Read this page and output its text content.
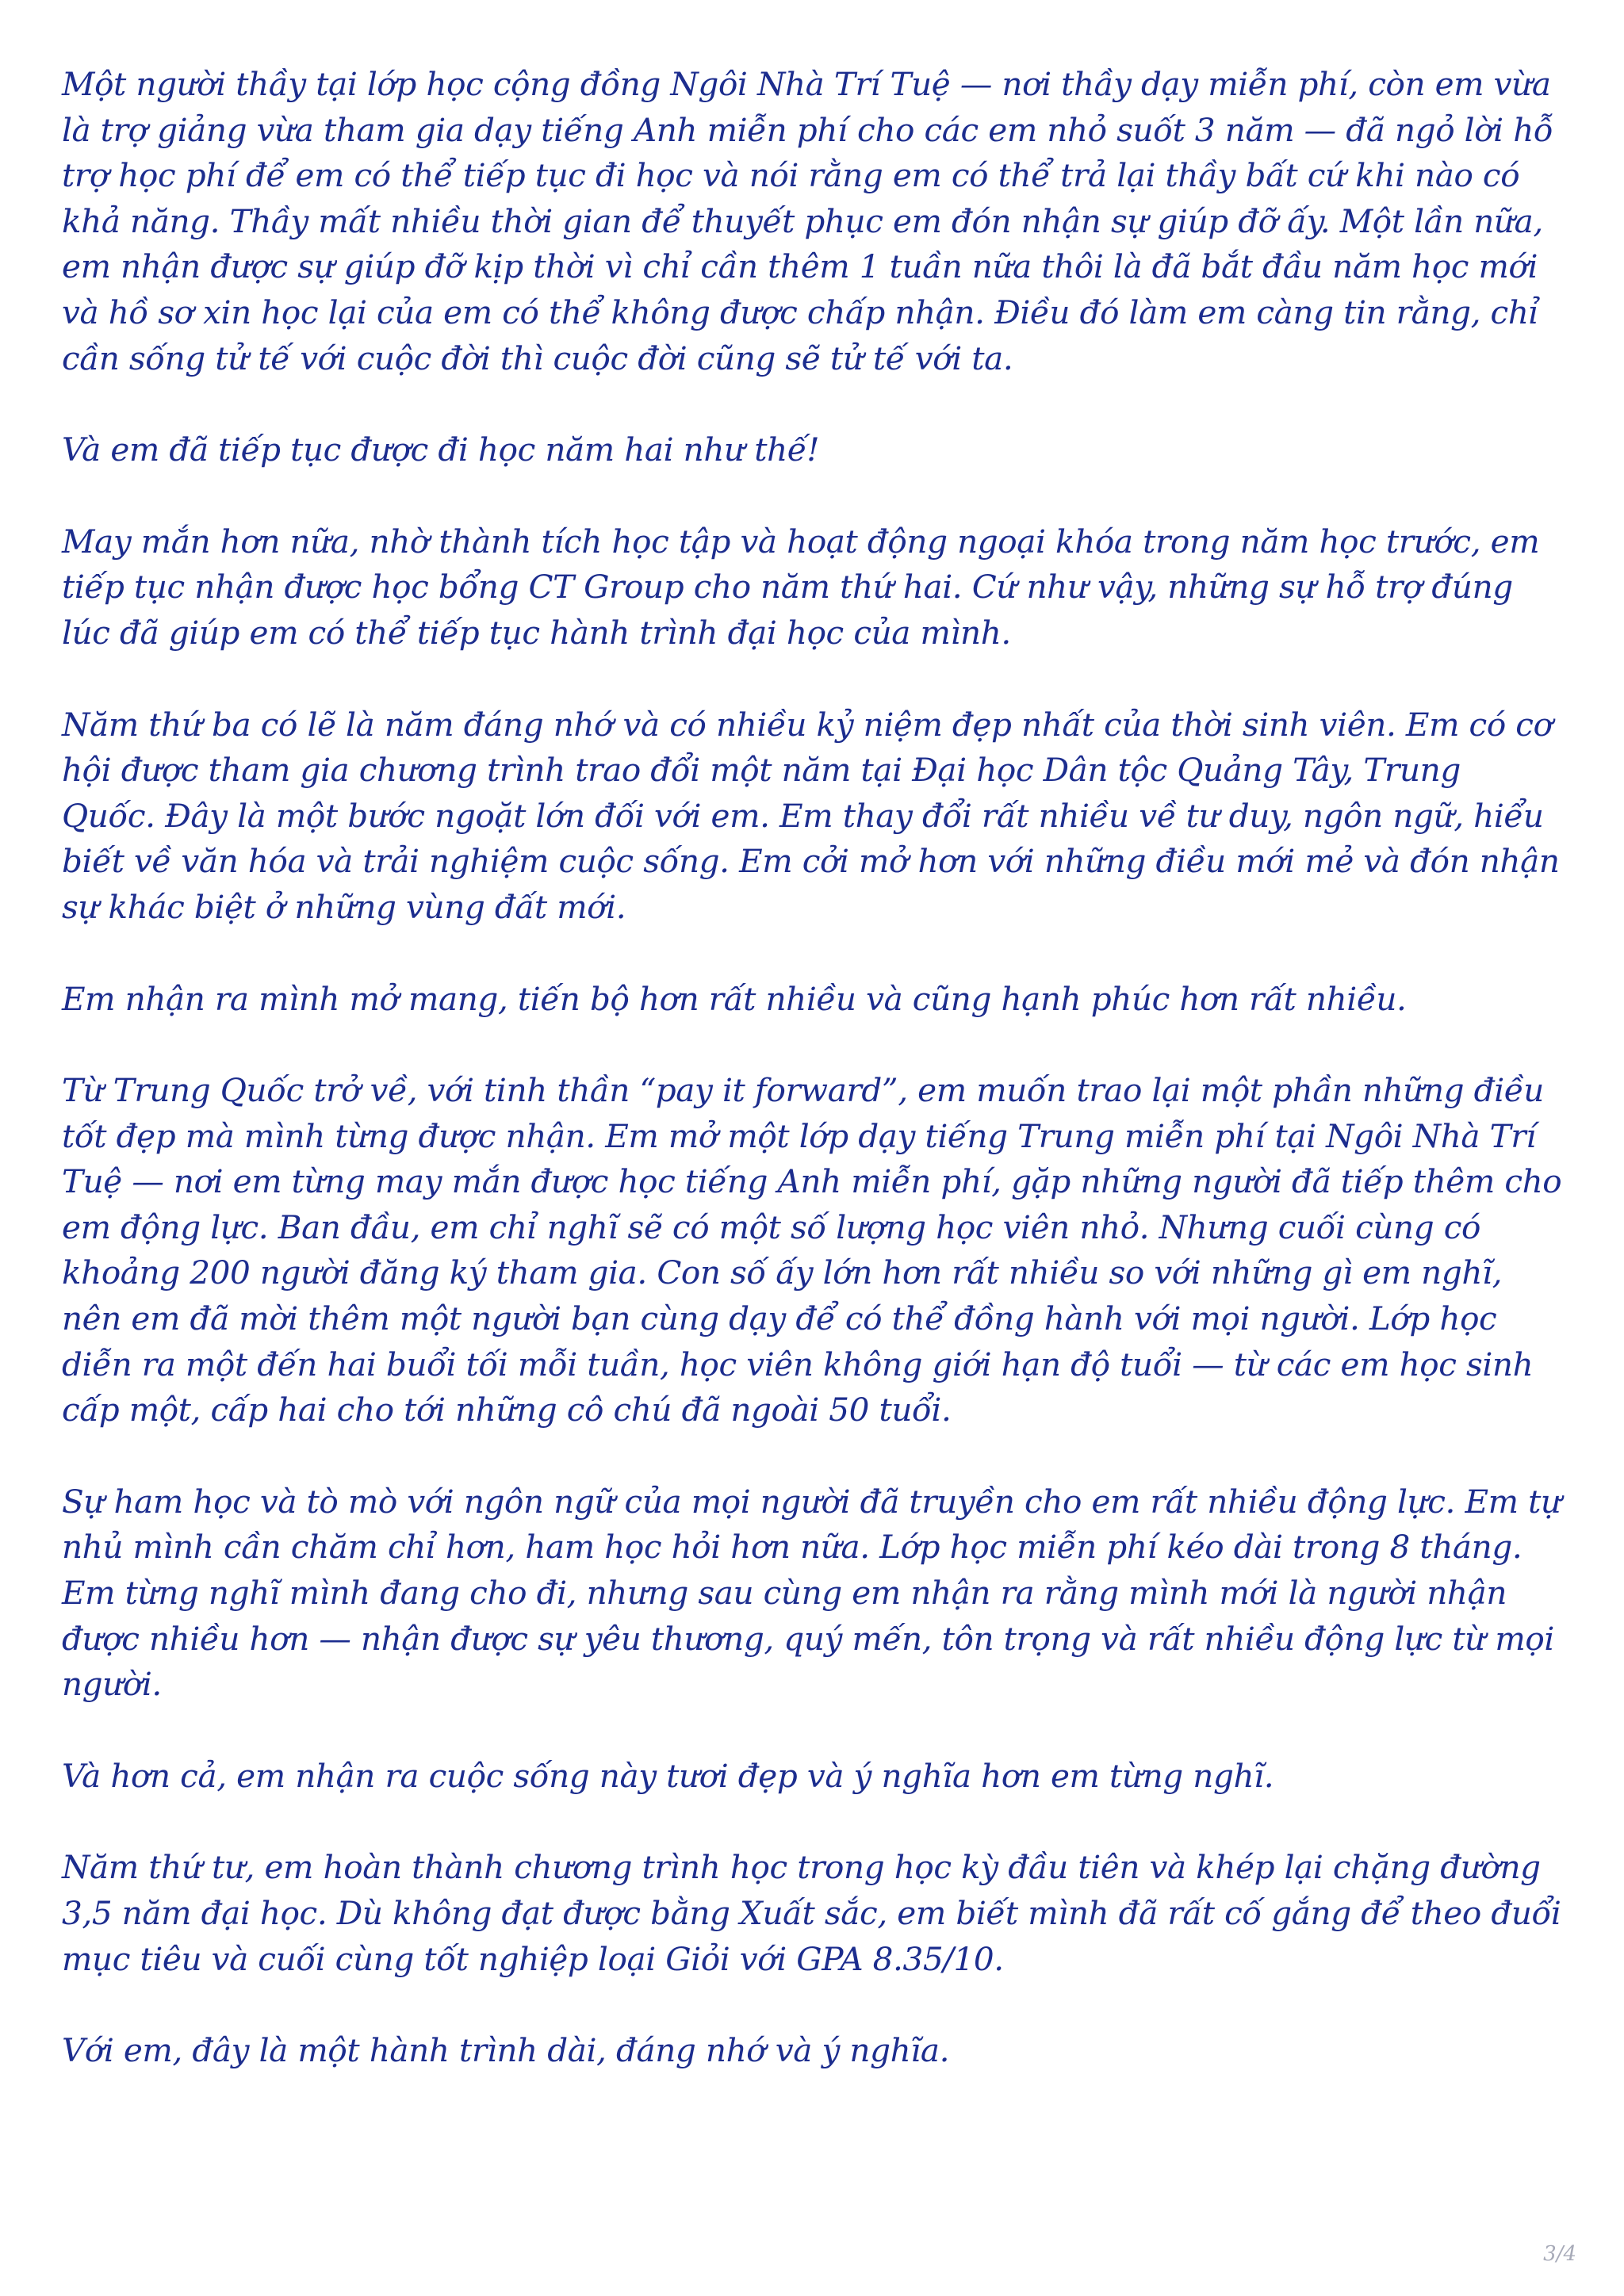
Một người thầy tại lớp học cộng đồng Ngôi Nhà Trí Tuệ — nơi thầy dạy miễn phí, còn em vừa là trợ giảng vừa tham gia dạy tiếng Anh miễn phí cho các em nhỏ suốt 3 năm — đã ngỏ lời hỗ trợ học phí để em có thể tiếp tục đi học và nói rằng em có thể trả lại thầy bất cứ khi nào có khả năng. Thầy mất nhiều thời gian để thuyết phục em đón nhận sự giúp đỡ ấy. Một lần nữa, em nhận được sự giúp đỡ kịp thời vì chỉ cần thêm 1 tuần nữa thôi là đã bắt đầu năm học mới và hồ sơ xin học lại của em có thể không được chấp nhận. Điều đó làm em càng tin rằng, chỉ cần sống tử tế với cuộc đời thì cuộc đời cũng sẽ tử tế với ta.

Và em đã tiếp tục được đi học năm hai như thế!

May mắn hơn nữa, nhờ thành tích học tập và hoạt động ngoại khóa trong năm học trước, em tiếp tục nhận được học bổng CT Group cho năm thứ hai. Cứ như vậy, những sự hỗ trợ đúng lúc đã giúp em có thể tiếp tục hành trình đại học của mình.

Năm thứ ba có lẽ là năm đáng nhớ và có nhiều kỷ niệm đẹp nhất của thời sinh viên. Em có cơ hội được tham gia chương trình trao đổi một năm tại Đại học Dân tộc Quảng Tây, Trung Quốc. Đây là một bước ngoặt lớn đối với em. Em thay đổi rất nhiều về tư duy, ngôn ngữ, hiểu biết về văn hóa và trải nghiệm cuộc sống. Em cởi mở hơn với những điều mới mẻ và đón nhận sự khác biệt ở những vùng đất mới.

Em nhận ra mình mở mang, tiến bộ hơn rất nhiều và cũng hạnh phúc hơn rất nhiều.

Từ Trung Quốc trở về, với tinh thần “pay it forward”, em muốn trao lại một phần những điều tốt đẹp mà mình từng được nhận. Em mở một lớp dạy tiếng Trung miễn phí tại Ngôi Nhà Trí Tuệ — nơi em từng may mắn được học tiếng Anh miễn phí, gặp những người đã tiếp thêm cho em động lực. Ban đầu, em chỉ nghĩ sẽ có một số lượng học viên nhỏ. Nhưng cuối cùng có khoảng 200 người đăng ký tham gia. Con số ấy lớn hơn rất nhiều so với những gì em nghĩ, nên em đã mời thêm một người bạn cùng dạy để có thể đồng hành với mọi người. Lớp học diễn ra một đến hai buổi tối mỗi tuần, học viên không giới hạn độ tuổi — từ các em học sinh cấp một, cấp hai cho tới những cô chú đã ngoài 50 tuổi.

Sự ham học và tò mò với ngôn ngữ của mọi người đã truyền cho em rất nhiều động lực. Em tự nhủ mình cần chăm chỉ hơn, ham học hỏi hơn nữa. Lớp học miễn phí kéo dài trong 8 tháng. Em từng nghĩ mình đang cho đi, nhưng sau cùng em nhận ra rằng mình mới là người nhận được nhiều hơn — nhận được sự yêu thương, quý mến, tôn trọng và rất nhiều động lực từ mọi người.

Và hơn cả, em nhận ra cuộc sống này tươi đẹp và ý nghĩa hơn em từng nghĩ.

Năm thứ tư, em hoàn thành chương trình học trong học kỳ đầu tiên và khép lại chặng đường 3,5 năm đại học. Dù không đạt được bằng Xuất sắc, em biết mình đã rất cố gắng để theo đuổi mục tiêu và cuối cùng tốt nghiệp loại Giỏi với GPA 8.35/10.

Với em, đây là một hành trình dài, đáng nhớ và ý nghĩa.

3/4
